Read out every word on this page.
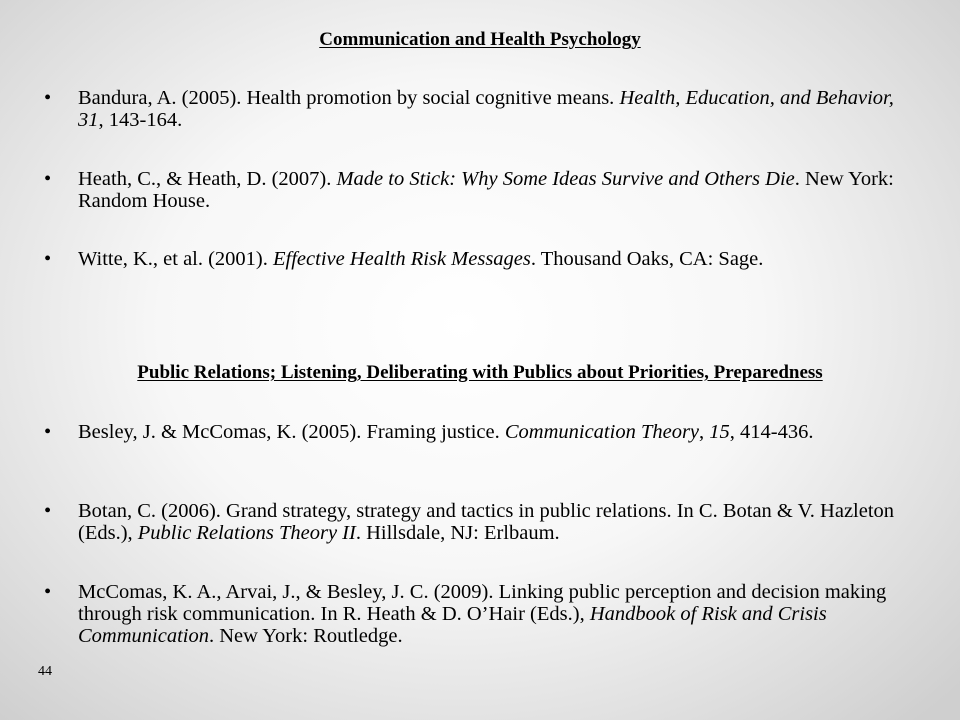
Communication and Health Psychology
• Bandura, A. (2005). Health promotion by social cognitive means. Health, Education, and Behavior, 31, 143-164.
• Heath, C., & Heath, D. (2007). Made to Stick: Why Some Ideas Survive and Others Die. New York: Random House.
• Witte, K., et al. (2001). Effective Health Risk Messages. Thousand Oaks, CA: Sage.
Public Relations; Listening, Deliberating with Publics about Priorities, Preparedness
• Besley, J. & McComas, K. (2005). Framing justice. Communication Theory, 15, 414-436.
• Botan, C. (2006). Grand strategy, strategy and tactics in public relations. In C. Botan & V. Hazleton (Eds.), Public Relations Theory II. Hillsdale, NJ: Erlbaum.
• McComas, K. A., Arvai, J., & Besley, J. C. (2009). Linking public perception and decision making through risk communication. In R. Heath & D. O’Hair (Eds.), Handbook of Risk and Crisis Communication. New York: Routledge.
44
